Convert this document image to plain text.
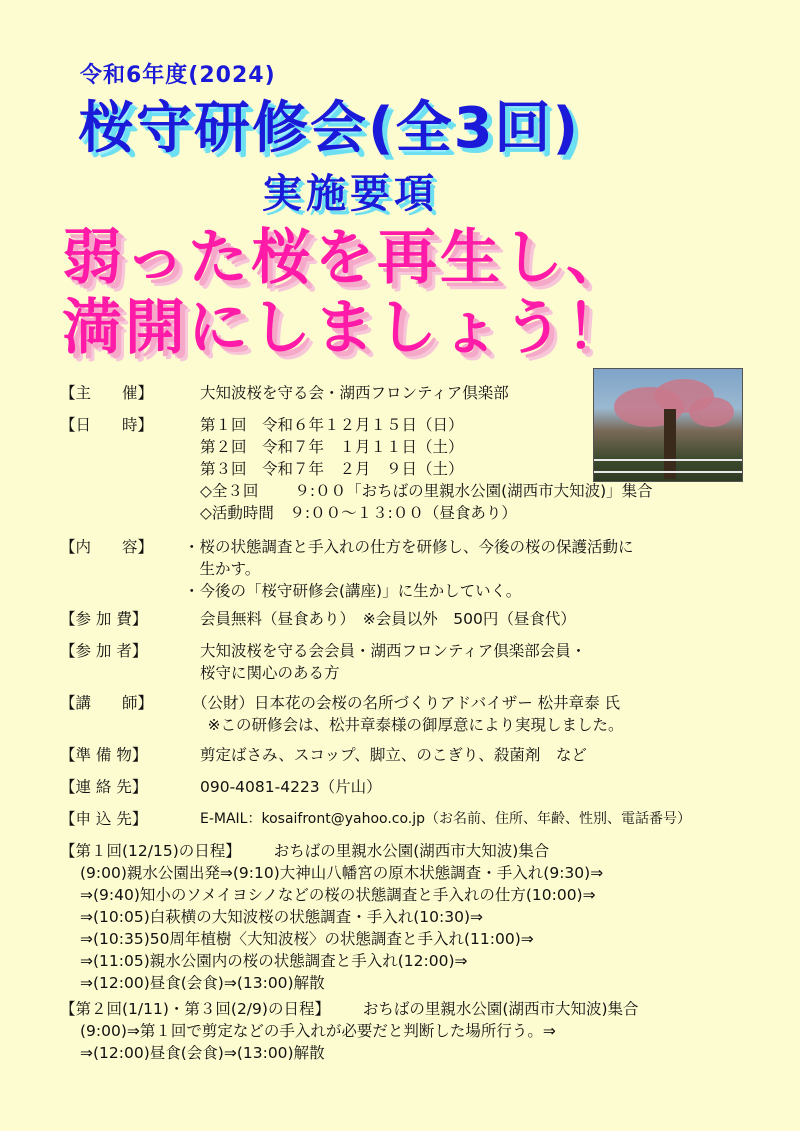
令和6年度(2024)
桜守研修会(全3回)
実施要項
弱った桜を再生し、
満開にしましょう！
【主　　催】	大知波桜を守る会・湖西フロンティア倶楽部
【日　　時】	第１回　令和６年１２月１５日（日）
第２回　令和７年　１月１１日（土）
第３回　令和７年　２月　９日（土）
◇全３回　　 ９:００「おちばの里親水公園(湖西市大知波)」集合
◇活動時間　９:００～１３:００（昼食あり）
【内　　容】	・桜の状態調査と手入れの仕方を研修し、今後の桜の保護活動に
　生かす。
・今後の「桜守研修会(講座)」に生かしていく。
【参 加 費】	会員無料（昼食あり）　※会員以外　500円（昼食代）
【参 加 者】	大知波桜を守る会会員・湖西フロンティア倶楽部会員・
桜守に関心のある方
【講　　師】	（公財）日本花の会桜の名所づくりアドバイザー 松井章泰 氏
　※この研修会は、松井章泰様の御厚意により実現しました。
【準 備 物】	剪定ばさみ、スコップ、脚立、のこぎり、殺菌剤　など
【連 絡 先】	090-4081-4223（片山）
【申 込 先】	E-MAIL：kosaifront@yahoo.co.jp（お名前、住所、年齢、性別、電話番号）
【第１回(12/15)の日程】 おちばの里親水公園(湖西市大知波)集合
(9:00)親水公園出発⇒(9:10)大神山八幡宮の原木状態調査・手入れ(9:30)⇒
⇒(9:40)知小のソメイヨシノなどの桜の状態調査と手入れの仕方(10:00)⇒
⇒(10:05)白萩横の大知波桜の状態調査・手入れ(10:30)⇒
⇒(10:35)50周年植樹〈大知波桜〉の状態調査と手入れ(11:00)⇒
⇒(11:05)親水公園内の桜の状態調査と手入れ(12:00)⇒
⇒(12:00)昼食(会食)⇒(13:00)解散
【第２回(1/11)・第３回(2/9)の日程】 おちばの里親水公園(湖西市大知波)集合
(9:00)⇒第１回で剪定などの手入れが必要だと判断した場所行う。⇒
⇒(12:00)昼食(会食)⇒(13:00)解散
